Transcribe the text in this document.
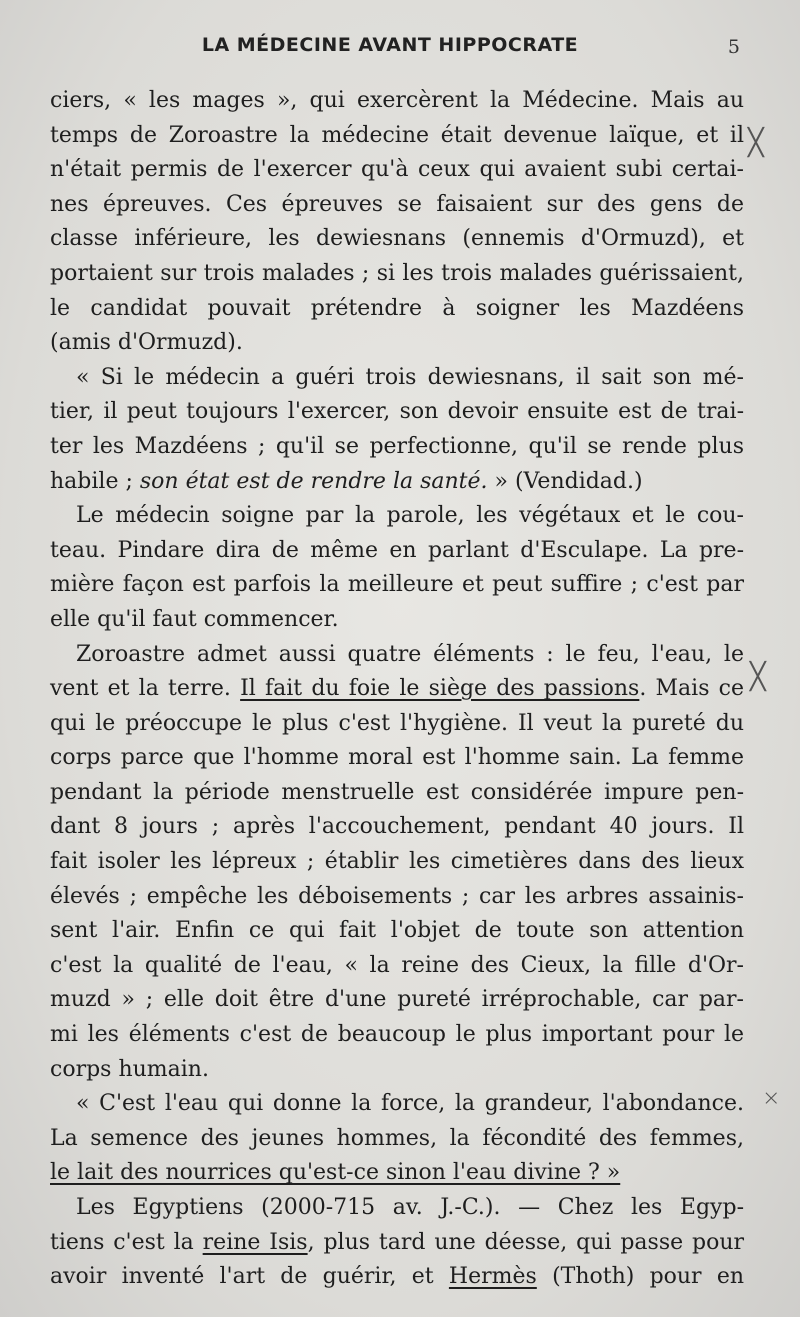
LA MÉDECINE AVANT HIPPOCRATE	5
ciers, « les mages », qui exercèrent la Médecine. Mais au
temps de Zoroastre la médecine était devenue laïque, et il
n'était permis de l'exercer qu'à ceux qui avaient subi certai-
nes épreuves. Ces épreuves se faisaient sur des gens de
classe inférieure, les dewiesnans (ennemis d'Ormuzd), et
portaient sur trois malades ; si les trois malades guérissaient,
le candidat pouvait prétendre à soigner les Mazdéens
(amis d'Ormuzd).
« Si le médecin a guéri trois dewiesnans, il sait son mé-
tier, il peut toujours l'exercer, son devoir ensuite est de trai-
ter les Mazdéens ; qu'il se perfectionne, qu'il se rende plus
habile ; son état est de rendre la santé. » (Vendidad.)
Le médecin soigne par la parole, les végétaux et le cou-
teau. Pindare dira de même en parlant d'Esculape. La pre-
mière façon est parfois la meilleure et peut suffire ; c'est par
elle qu'il faut commencer.
Zoroastre admet aussi quatre éléments : le feu, l'eau, le
vent et la terre. Il fait du foie le siège des passions. Mais ce
qui le préoccupe le plus c'est l'hygiène. Il veut la pureté du
corps parce que l'homme moral est l'homme sain. La femme
pendant la période menstruelle est considérée impure pen-
dant 8 jours ; après l'accouchement, pendant 40 jours. Il
fait isoler les lépreux ; établir les cimetières dans des lieux
élevés ; empêche les déboisements ; car les arbres assainis-
sent l'air. Enfin ce qui fait l'objet de toute son attention
c'est la qualité de l'eau, « la reine des Cieux, la fille d'Or-
muzd » ; elle doit être d'une pureté irréprochable, car par-
mi les éléments c'est de beaucoup le plus important pour le
corps humain.
« C'est l'eau qui donne la force, la grandeur, l'abondance.
La semence des jeunes hommes, la fécondité des femmes,
le lait des nourrices qu'est-ce sinon l'eau divine ? »
Les Egyptiens (2000-715 av. J.-C.). — Chez les Egyp-
tiens c'est la reine Isis, plus tard une déesse, qui passe pour
avoir inventé l'art de guérir, et Hermès (Thoth) pour en
╳
╳
⨯
